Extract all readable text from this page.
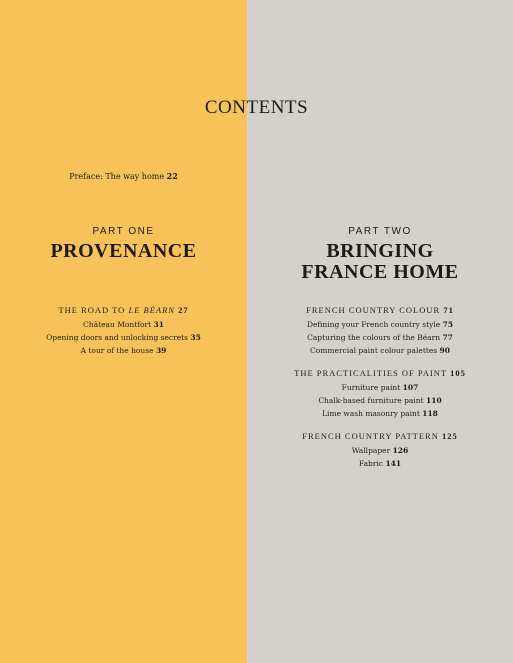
CONTENTS
Preface: The way home 22
PART ONE
PROVENANCE
THE ROAD TO LE BÉARN 27
Château Montfort 31
Opening doors and unlocking secrets 35
A tour of the house 39
PART TWO
BRINGING
FRANCE HOME
FRENCH COUNTRY COLOUR 71
Defining your French country style 75
Capturing the colours of the Béarn 77
Commercial paint colour palettes 90
THE PRACTICALITIES OF PAINT 105
Furniture paint 107
Chalk-based furniture paint 110
Lime wash masonry paint 118
FRENCH COUNTRY PATTERN 125
Wallpaper 126
Fabric 141
